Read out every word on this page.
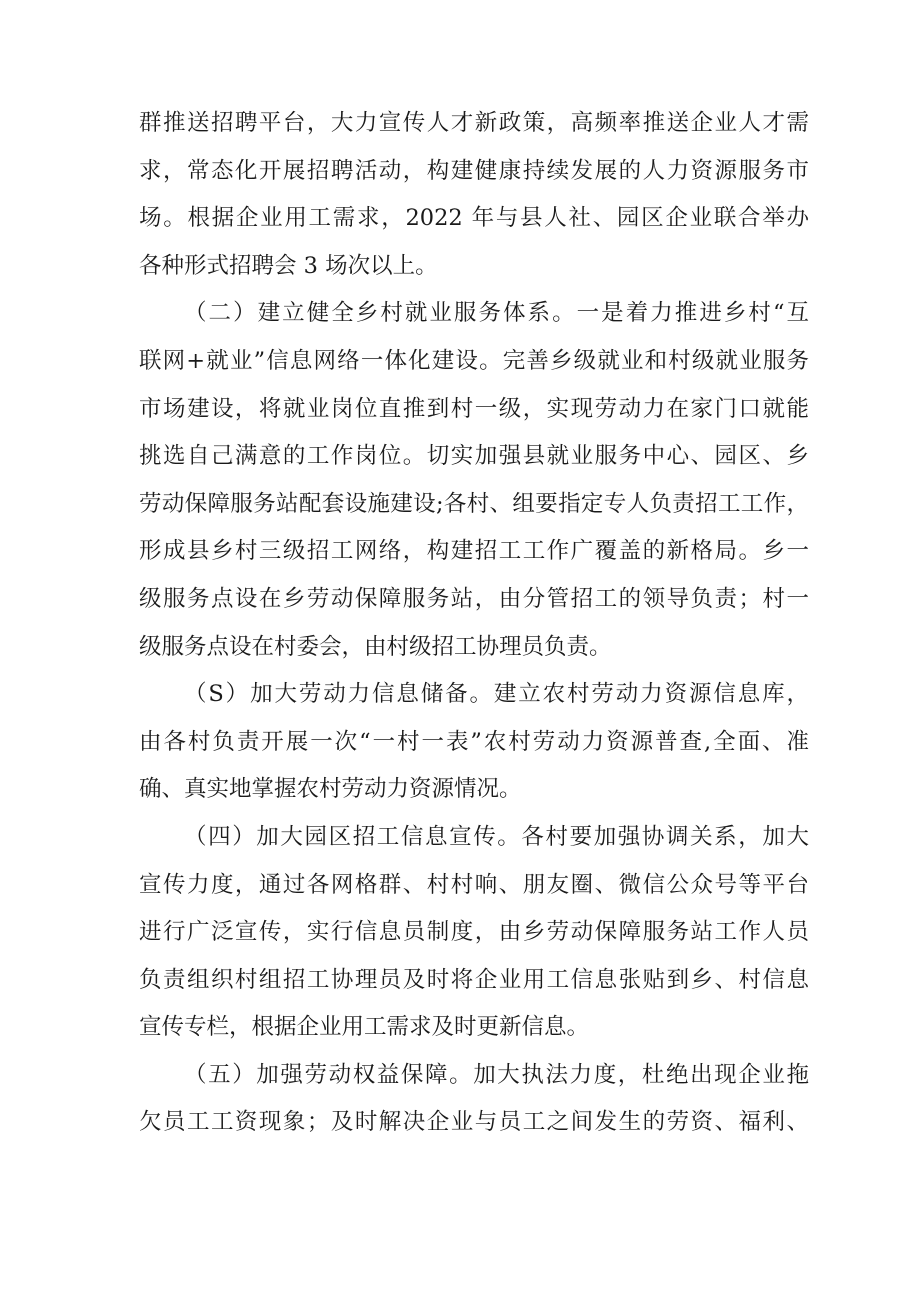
群推送招聘平台，大力宣传人才新政策，高频率推送企业人才需
求，常态化开展招聘活动，构建健康持续发展的人力资源服务市
场。根据企业用工需求，2022 年与县人社、园区企业联合举办
各种形式招聘会 3 场次以上。
（二）建立健全乡村就业服务体系。一是着力推进乡村“互
联网+就业”信息网络一体化建设。完善乡级就业和村级就业服务
市场建设，将就业岗位直推到村一级，实现劳动力在家门口就能
挑选自己满意的工作岗位。切实加强县就业服务中心、园区、乡
劳动保障服务站配套设施建设;各村、组要指定专人负责招工工作，
形成县乡村三级招工网络，构建招工工作广覆盖的新格局。乡一
级服务点设在乡劳动保障服务站，由分管招工的领导负责；村一
级服务点设在村委会，由村级招工协理员负责。
（S）加大劳动力信息储备。建立农村劳动力资源信息库，
由各村负责开展一次“一村一表”农村劳动力资源普查,全面、准
确、真实地掌握农村劳动力资源情况。
（四）加大园区招工信息宣传。各村要加强协调关系，加大
宣传力度，通过各网格群、村村响、朋友圈、微信公众号等平台
进行广泛宣传，实行信息员制度，由乡劳动保障服务站工作人员
负责组织村组招工协理员及时将企业用工信息张贴到乡、村信息
宣传专栏，根据企业用工需求及时更新信息。
（五）加强劳动权益保障。加大执法力度，杜绝出现企业拖
欠员工工资现象；及时解决企业与员工之间发生的劳资、福利、
